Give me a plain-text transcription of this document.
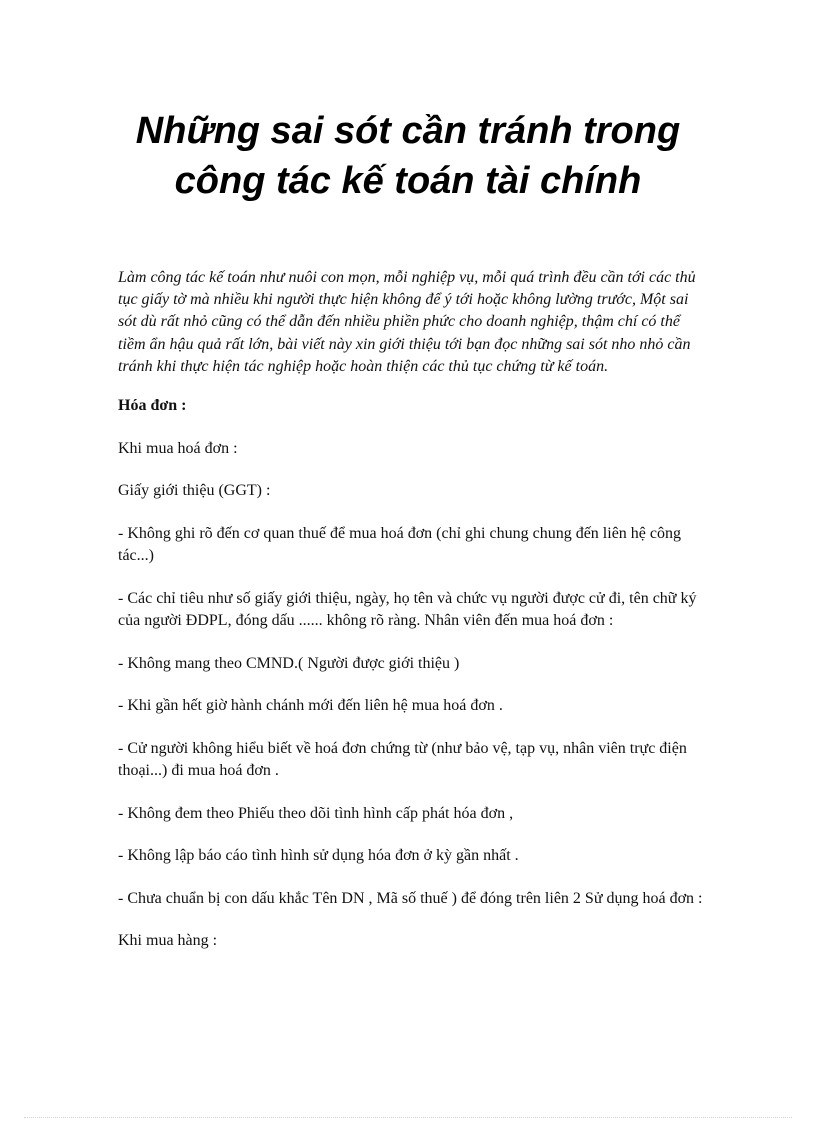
Những sai sót cần tránh trong
công tác kế toán tài chính

Làm công tác kế toán như nuôi con mọn, mỗi nghiệp vụ, mỗi quá trình đều cần tới các thủ tục giấy tờ mà nhiều khi người thực hiện không để ý tới hoặc không lường trước, Một sai sót dù rất nhỏ cũng có thể dẫn đến nhiều phiền phức cho doanh nghiệp, thậm chí có thể tiềm ẩn hậu quả rất lớn, bài viết này xin giới thiệu tới bạn đọc những sai sót nho nhỏ cần tránh khi thực hiện tác nghiệp hoặc hoàn thiện các thủ tục chứng từ kế toán.

Hóa đơn :

Khi mua hoá đơn :

Giấy giới thiệu (GGT) :

- Không ghi rõ đến cơ quan thuế để mua hoá đơn (chỉ ghi chung chung đến liên hệ công tác...)

- Các chỉ tiêu như số giấy giới thiệu, ngày, họ tên và chức vụ người được cử đi, tên chữ ký của người ĐDPL, đóng dấu ...... không rõ ràng. Nhân viên đến mua hoá đơn :

- Không mang theo CMND.( Người được giới thiệu )

- Khi gần hết giờ hành chánh mới đến liên hệ mua hoá đơn .

- Cử người không hiểu biết về hoá đơn chứng từ (như bảo vệ, tạp vụ, nhân viên trực điện thoại...) đi mua hoá đơn .

- Không đem theo Phiếu theo dõi tình hình cấp phát hóa đơn ,

- Không lập báo cáo tình hình sử dụng hóa đơn ở kỳ gần nhất .

- Chưa chuẩn bị con dấu khắc Tên DN , Mã số thuế ) để đóng trên liên 2 Sử dụng hoá đơn :

Khi mua hàng :
